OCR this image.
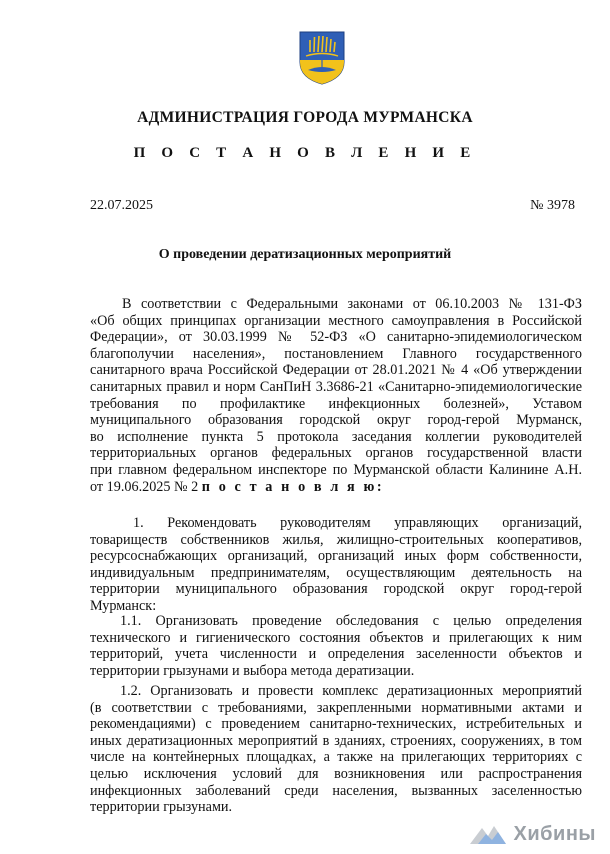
АДМИНИСТРАЦИЯ ГОРОДА МУРМАНСКА
П О С Т А Н О В Л Е Н И Е
22.07.2025	№ 3978
О проведении дератизационных мероприятий
В соответствии с Федеральными законами от 06.10.2003 № 131-ФЗ
«Об общих принципах организации местного самоуправления в Российской
Федерации», от 30.03.1999 № 52-ФЗ «О санитарно-эпидемиологическом
благополучии населения», постановлением Главного государственного
санитарного врача Российской Федерации от 28.01.2021 № 4 «Об утверждении
санитарных правил и норм СанПиН 3.3686-21 «Санитарно-эпидемиологические
требования по профилактике инфекционных болезней», Уставом
муниципального образования городской округ город-герой Мурманск,
во исполнение пункта 5 протокола заседания коллегии руководителей
территориальных органов федеральных органов государственной власти
при главном федеральном инспекторе по Мурманской области Калинине А.Н.
от 19.06.2025 № 2 п о с т а н о в л я ю:
1. Рекомендовать руководителям управляющих организаций,
товариществ собственников жилья, жилищно-строительных кооперативов,
ресурсоснабжающих организаций, организаций иных форм собственности,
индивидуальным предпринимателям, осуществляющим деятельность на
территории муниципального образования городской округ город-герой
Мурманск:
1.1. Организовать проведение обследования с целью определения
технического и гигиенического состояния объектов и прилегающих к ним
территорий, учета численности и определения заселенности объектов и
территории грызунами и выбора метода дератизации.
1.2. Организовать и провести комплекс дератизационных мероприятий
(в соответствии с требованиями, закрепленными нормативными актами и
рекомендациями) с проведением санитарно-технических, истребительных и
иных дератизационных мероприятий в зданиях, строениях, сооружениях, в том
числе на контейнерных площадках, а также на прилегающих территориях с
целью исключения условий для возникновения или распространения
инфекционных заболеваний среди населения, вызванных заселенностью
территории грызунами.
Хибины
